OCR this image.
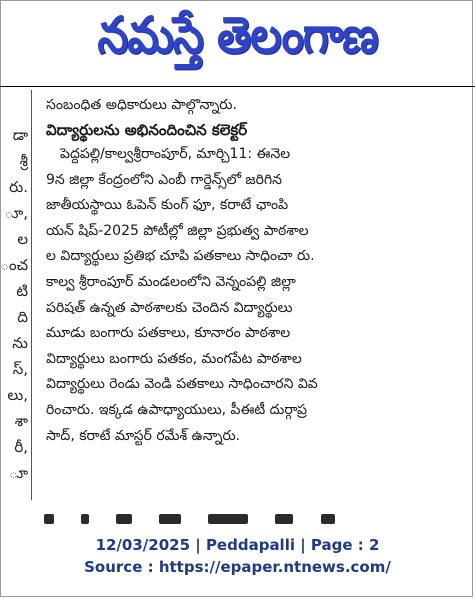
నమస్తే తెలంగాణ
డా
శ్రీ
రు.
ూ,
ల
ంచ
టి
ది
ను
స్,
లు,
శా
రీ,
ూ
సంబంధిత అధికారులు పాల్గొన్నారు.
విద్యార్థులను అభినందించిన కలెక్టర్
పెద్దపల్లి/కాల్వశ్రీరాంపూర్, మార్చి11: ఈనెల
9న జిల్లా కేంద్రంలోని ఎంబీ గార్డెన్స్‌లో జరిగిన
జాతీయస్థాయి ఓపెన్ కుంగ్ ఫూ, కరాటే ఛాంపి
యన్ షిప్-2025 పోటీల్లో జిల్లా ప్రభుత్వ పాఠశాల
ల విద్యార్థులు ప్రతిభ చూపి పతకాలు సాధించా రు.
కాల్వ శ్రీరాంపూర్ మండలంలోని వెన్నంపల్లి జిల్లా
పరిషత్ ఉన్నత పాఠశాలకు చెందిన విద్యార్థులు
మూడు బంగారు పతకాలు, కూనారం పాఠశాల
విద్యార్థులు బంగారు పతకం, మంగపేట పాఠశాల
విద్యార్థులు రెండు వెండి పతకాలు సాధించారని వివ
రించారు. ఇక్కడ ఉపాధ్యాయులు, పీఈటీ దుర్గాప్ర
సాద్, కరాటే మాస్టర్ రమేశ్ ఉన్నారు.

12/03/2025 | Peddapalli | Page : 2
Source : https://epaper.ntnews.com/
